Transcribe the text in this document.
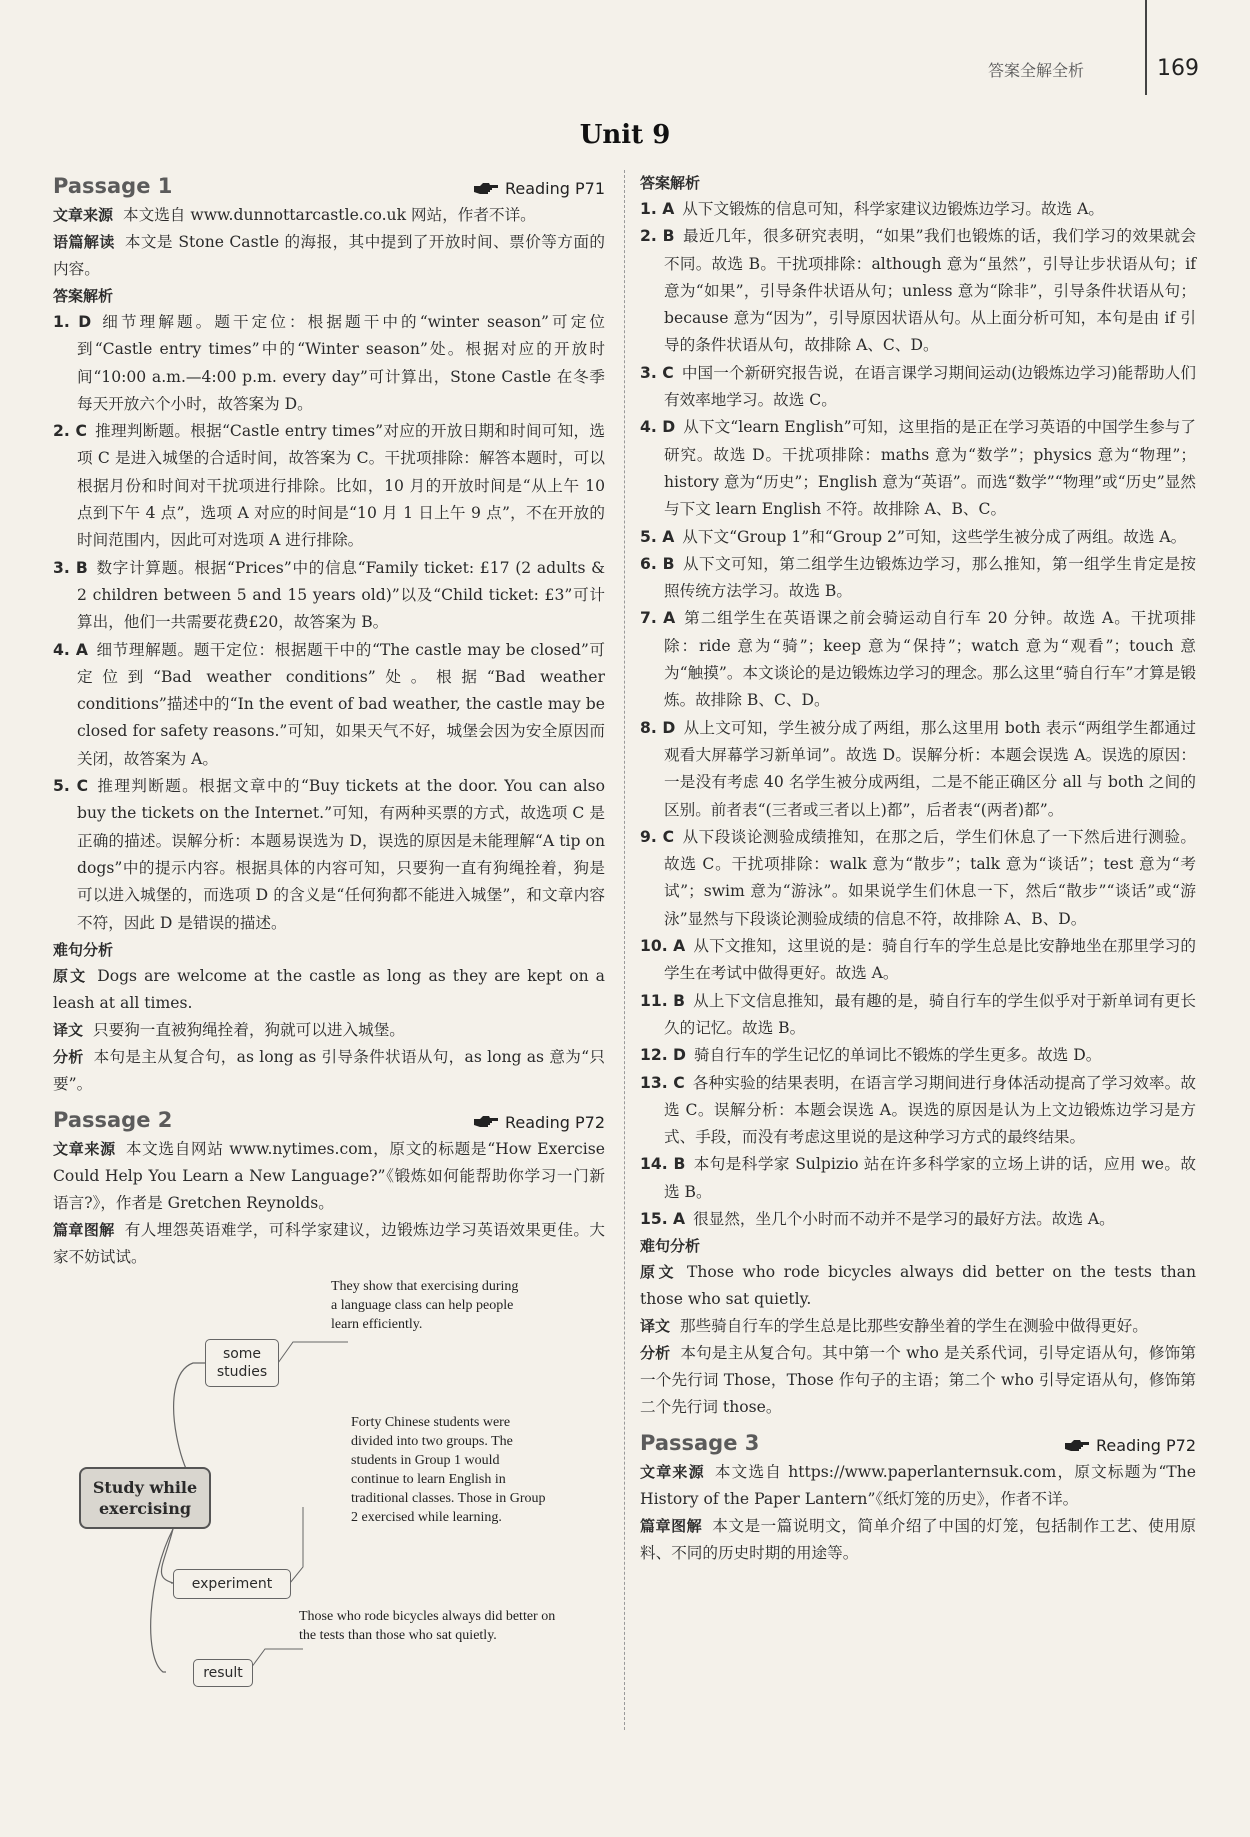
答案全解全析	169
Unit 9
Passage 1	Reading P71

文章来源 本文选自 www.dunnottarcastle.co.uk 网站，作者不详。

语篇解读 本文是 Stone Castle 的海报，其中提到了开放时间、票价等方面的内容。

答案解析

1. D 细节理解题。题干定位：根据题干中的“winter season”可定位到“Castle entry times”中的“Winter season”处。根据对应的开放时间“10:00 a.m.—4:00 p.m. every day”可计算出，Stone Castle 在冬季每天开放六个小时，故答案为 D。

2. C 推理判断题。根据“Castle entry times”对应的开放日期和时间可知，选项 C 是进入城堡的合适时间，故答案为 C。干扰项排除：解答本题时，可以根据月份和时间对干扰项进行排除。比如，10 月的开放时间是“从上午 10 点到下午 4 点”，选项 A 对应的时间是“10 月 1 日上午 9 点”，不在开放的时间范围内，因此可对选项 A 进行排除。

3. B 数字计算题。根据“Prices”中的信息“Family ticket: £17 (2 adults & 2 children between 5 and 15 years old)”以及“Child ticket: £3”可计算出，他们一共需要花费£20，故答案为 B。

4. A 细节理解题。题干定位：根据题干中的“The castle may be closed”可定位到“Bad weather conditions”处。根据“Bad weather conditions”描述中的“In the event of bad weather, the castle may be closed for safety reasons.”可知，如果天气不好，城堡会因为安全原因而关闭，故答案为 A。

5. C 推理判断题。根据文章中的“Buy tickets at the door. You can also buy the tickets on the Internet.”可知，有两种买票的方式，故选项 C 是正确的描述。误解分析：本题易误选为 D，误选的原因是未能理解“A tip on dogs”中的提示内容。根据具体的内容可知，只要狗一直有狗绳拴着，狗是可以进入城堡的，而选项 D 的含义是“任何狗都不能进入城堡”，和文章内容不符，因此 D 是错误的描述。

难句分析

原文 Dogs are welcome at the castle as long as they are kept on a leash at all times.

译文 只要狗一直被狗绳拴着，狗就可以进入城堡。

分析 本句是主从复合句，as long as 引导条件状语从句，as long as 意为“只要”。

Passage 2	Reading P72

文章来源 本文选自网站 www.nytimes.com，原文的标题是“How Exercise Could Help You Learn a New Language?”《锻炼如何能帮助你学习一门新语言?》，作者是 Gretchen Reynolds。

篇章图解 有人埋怨英语难学，可科学家建议，边锻炼边学习英语效果更佳。大家不妨试试。

Study while exercising
some studies
They show that exercising during a language class can help people learn efficiently.
experiment
Forty Chinese students were divided into two groups. The students in Group 1 would continue to learn English in traditional classes. Those in Group 2 exercised while learning.
result
Those who rode bicycles always did better on the tests than those who sat quietly.
答案解析

1. A 从下文锻炼的信息可知，科学家建议边锻炼边学习。故选 A。

2. B 最近几年，很多研究表明，“如果”我们也锻炼的话，我们学习的效果就会不同。故选 B。干扰项排除：although 意为“虽然”，引导让步状语从句；if 意为“如果”，引导条件状语从句；unless 意为“除非”，引导条件状语从句；because 意为“因为”，引导原因状语从句。从上面分析可知，本句是由 if 引导的条件状语从句，故排除 A、C、D。

3. C 中国一个新研究报告说，在语言课学习期间运动(边锻炼边学习)能帮助人们有效率地学习。故选 C。

4. D 从下文“learn English”可知，这里指的是正在学习英语的中国学生参与了研究。故选 D。干扰项排除：maths 意为“数学”；physics 意为“物理”；history 意为“历史”；English 意为“英语”。而选“数学”“物理”或“历史”显然与下文 learn English 不符。故排除 A、B、C。

5. A 从下文“Group 1”和“Group 2”可知，这些学生被分成了两组。故选 A。

6. B 从下文可知，第二组学生边锻炼边学习，那么推知，第一组学生肯定是按照传统方法学习。故选 B。

7. A 第二组学生在英语课之前会骑运动自行车 20 分钟。故选 A。干扰项排除：ride 意为“骑”；keep 意为“保持”；watch 意为“观看”；touch 意为“触摸”。本文谈论的是边锻炼边学习的理念。那么这里“骑自行车”才算是锻炼。故排除 B、C、D。

8. D 从上文可知，学生被分成了两组，那么这里用 both 表示“两组学生都通过观看大屏幕学习新单词”。故选 D。误解分析：本题会误选 A。误选的原因：一是没有考虑 40 名学生被分成两组，二是不能正确区分 all 与 both 之间的区别。前者表“(三者或三者以上)都”，后者表“(两者)都”。

9. C 从下段谈论测验成绩推知，在那之后，学生们休息了一下然后进行测验。故选 C。干扰项排除：walk 意为“散步”；talk 意为“谈话”；test 意为“考试”；swim 意为“游泳”。如果说学生们休息一下，然后“散步”“谈话”或“游泳”显然与下段谈论测验成绩的信息不符，故排除 A、B、D。

10. A 从下文推知，这里说的是：骑自行车的学生总是比安静地坐在那里学习的学生在考试中做得更好。故选 A。

11. B 从上下文信息推知，最有趣的是，骑自行车的学生似乎对于新单词有更长久的记忆。故选 B。

12. D 骑自行车的学生记忆的单词比不锻炼的学生更多。故选 D。

13. C 各种实验的结果表明，在语言学习期间进行身体活动提高了学习效率。故选 C。误解分析：本题会误选 A。误选的原因是认为上文边锻炼边学习是方式、手段，而没有考虑这里说的是这种学习方式的最终结果。

14. B 本句是科学家 Sulpizio 站在许多科学家的立场上讲的话，应用 we。故选 B。

15. A 很显然，坐几个小时而不动并不是学习的最好方法。故选 A。

难句分析

原文 Those who rode bicycles always did better on the tests than those who sat quietly.

译文 那些骑自行车的学生总是比那些安静坐着的学生在测验中做得更好。

分析 本句是主从复合句。其中第一个 who 是关系代词，引导定语从句，修饰第一个先行词 Those，Those 作句子的主语；第二个 who 引导定语从句，修饰第二个先行词 those。

Passage 3	Reading P72

文章来源 本文选自 https://www.paperlanternsuk.com，原文标题为“The History of the Paper Lantern”《纸灯笼的历史》，作者不详。

篇章图解 本文是一篇说明文，简单介绍了中国的灯笼，包括制作工艺、使用原料、不同的历史时期的用途等。
